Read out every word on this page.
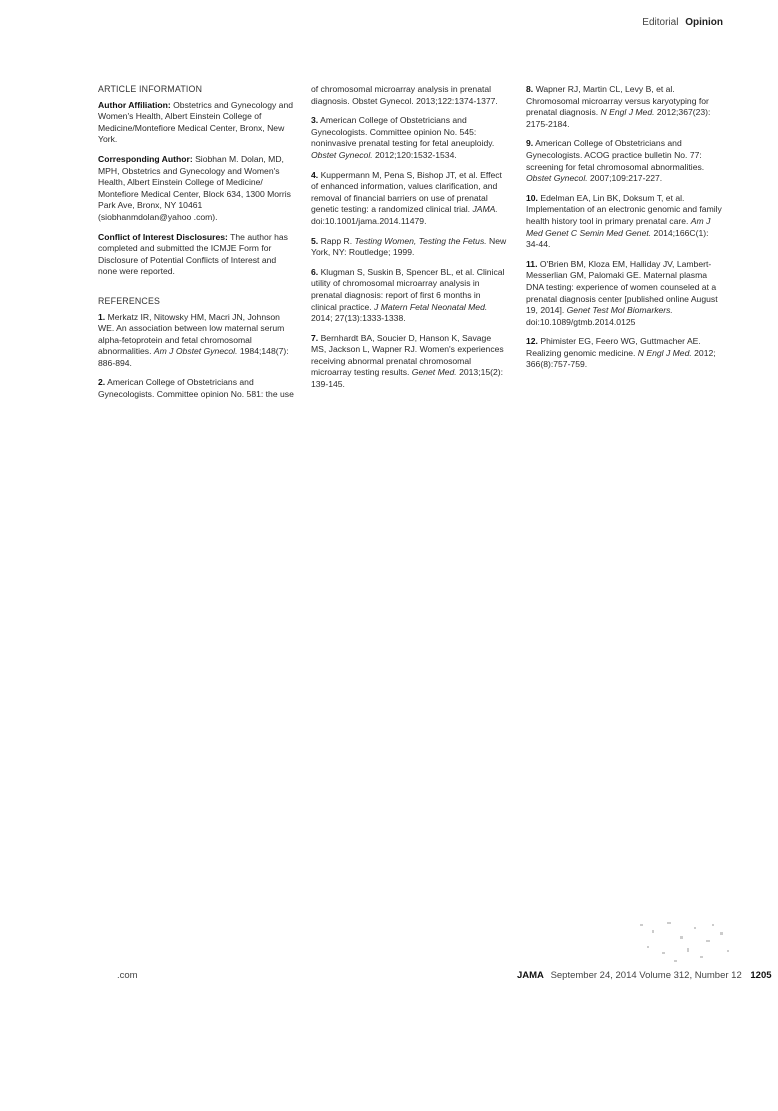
Editorial Opinion
ARTICLE INFORMATION

Author Affiliation: Obstetrics and Gynecology and Women's Health, Albert Einstein College of Medicine/Montefiore Medical Center, Bronx, New York.

Corresponding Author: Siobhan M. Dolan, MD, MPH, Obstetrics and Gynecology and Women's Health, Albert Einstein College of Medicine/ Montefiore Medical Center, Block 634, 1300 Morris Park Ave, Bronx, NY 10461 (siobhanmdolan@yahoo .com).

Conflict of Interest Disclosures: The author has completed and submitted the ICMJE Form for Disclosure of Potential Conflicts of Interest and none were reported.

REFERENCES

1. Merkatz IR, Nitowsky HM, Macri JN, Johnson WE. An association between low maternal serum alpha-fetoprotein and fetal chromosomal abnormalities. Am J Obstet Gynecol. 1984;148(7): 886-894.

2. American College of Obstetricians and Gynecologists. Committee opinion No. 581: the use

of chromosomal microarray analysis in prenatal diagnosis. Obstet Gynecol. 2013;122:1374-1377.

3. American College of Obstetricians and Gynecologists. Committee opinion No. 545: noninvasive prenatal testing for fetal aneuploidy. Obstet Gynecol. 2012;120:1532-1534.

4. Kuppermann M, Pena S, Bishop JT, et al. Effect of enhanced information, values clarification, and removal of financial barriers on use of prenatal genetic testing: a randomized clinical trial. JAMA. doi:10.1001/jama.2014.11479.

5. Rapp R. Testing Women, Testing the Fetus. New York, NY: Routledge; 1999.

6. Klugman S, Suskin B, Spencer BL, et al. Clinical utility of chromosomal microarray analysis in prenatal diagnosis: report of first 6 months in clinical practice. J Matern Fetal Neonatal Med. 2014; 27(13):1333-1338.

7. Bernhardt BA, Soucier D, Hanson K, Savage MS, Jackson L, Wapner RJ. Women's experiences receiving abnormal prenatal chromosomal microarray testing results. Genet Med. 2013;15(2): 139-145.

8. Wapner RJ, Martin CL, Levy B, et al. Chromosomal microarray versus karyotyping for prenatal diagnosis. N Engl J Med. 2012;367(23): 2175-2184.

9. American College of Obstetricians and Gynecologists. ACOG practice bulletin No. 77: screening for fetal chromosomal abnormalities. Obstet Gynecol. 2007;109:217-227.

10. Edelman EA, Lin BK, Doksum T, et al. Implementation of an electronic genomic and family health history tool in primary prenatal care. Am J Med Genet C Semin Med Genet. 2014;166C(1): 34-44.

11. O'Brien BM, Kloza EM, Halliday JV, Lambert-Messerlian GM, Palomaki GE. Maternal plasma DNA testing: experience of women counseled at a prenatal diagnosis center [published online August 19, 2014]. Genet Test Mol Biomarkers. doi:10.1089/gtmb.2014.0125

12. Phimister EG, Feero WG, Guttmacher AE. Realizing genomic medicine. N Engl J Med. 2012; 366(8):757-759.

.com	JAMA September 24, 2014 Volume 312, Number 12 1205
